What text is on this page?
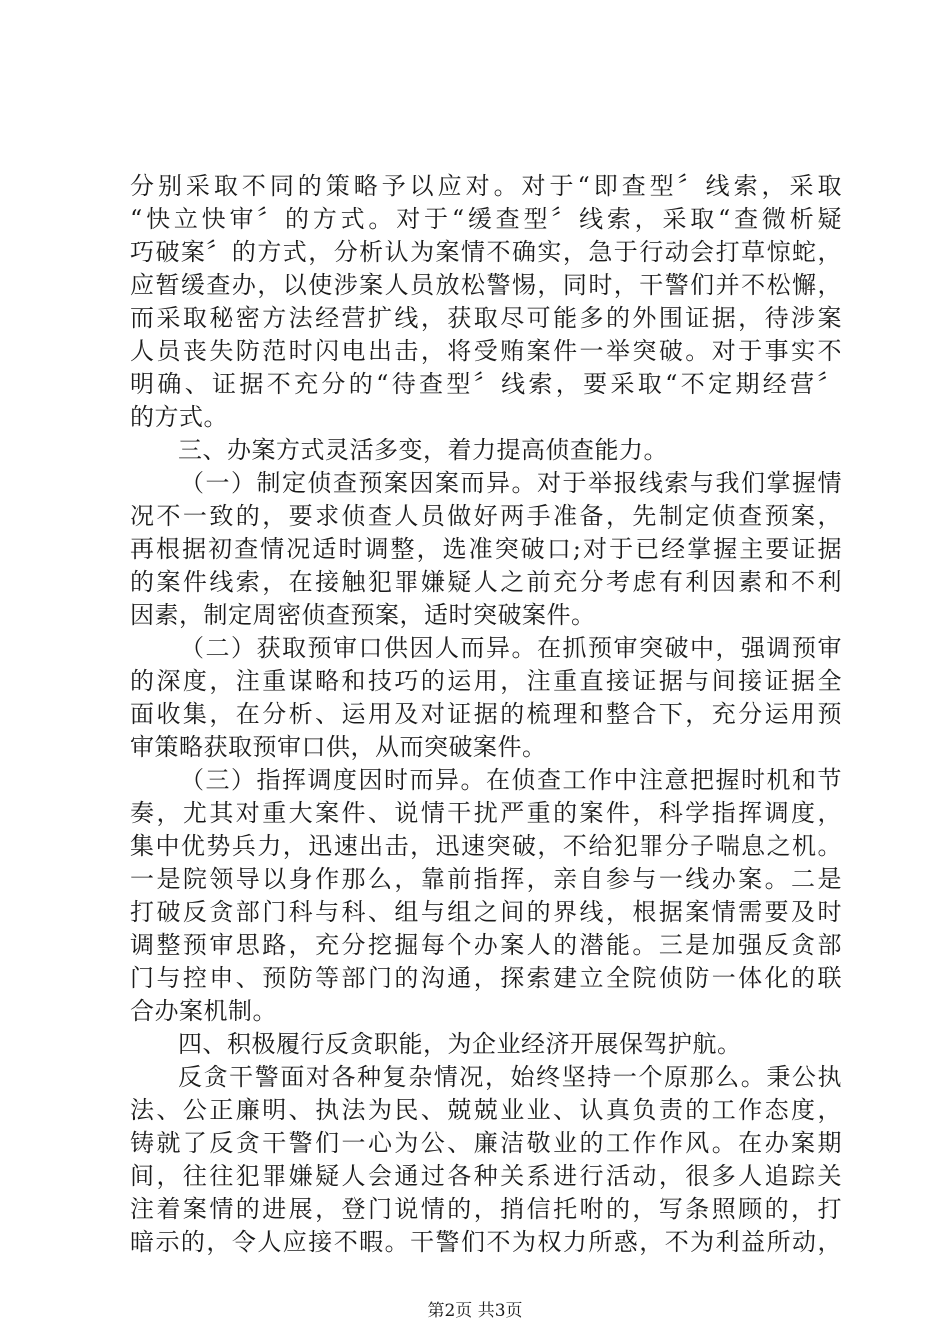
分别采取不同的策略予以应对。对于“即查型〞线索，采取
“快立快审〞的方式。对于“缓查型〞线索，采取“查微析疑
巧破案〞的方式，分析认为案情不确实，急于行动会打草惊蛇，
应暂缓查办，以使涉案人员放松警惕，同时，干警们并不松懈，
而采取秘密方法经营扩线，获取尽可能多的外围证据，待涉案
人员丧失防范时闪电出击，将受贿案件一举突破。对于事实不
明确、证据不充分的“待查型〞线索，要采取“不定期经营〞
的方式。
三、办案方式灵活多变，着力提高侦查能力。
（一）制定侦查预案因案而异。对于举报线索与我们掌握情
况不一致的，要求侦查人员做好两手准备，先制定侦查预案，
再根据初查情况适时调整，选准突破口;对于已经掌握主要证据
的案件线索，在接触犯罪嫌疑人之前充分考虑有利因素和不利
因素，制定周密侦查预案，适时突破案件。
（二）获取预审口供因人而异。在抓预审突破中，强调预审
的深度，注重谋略和技巧的运用，注重直接证据与间接证据全
面收集，在分析、运用及对证据的梳理和整合下，充分运用预
审策略获取预审口供，从而突破案件。
（三）指挥调度因时而异。在侦查工作中注意把握时机和节
奏，尤其对重大案件、说情干扰严重的案件，科学指挥调度，
集中优势兵力，迅速出击，迅速突破，不给犯罪分子喘息之机。
一是院领导以身作那么，靠前指挥，亲自参与一线办案。二是
打破反贪部门科与科、组与组之间的界线，根据案情需要及时
调整预审思路，充分挖掘每个办案人的潜能。三是加强反贪部
门与控申、预防等部门的沟通，探索建立全院侦防一体化的联
合办案机制。
四、积极履行反贪职能，为企业经济开展保驾护航。
反贪干警面对各种复杂情况，始终坚持一个原那么。秉公执
法、公正廉明、执法为民、兢兢业业、认真负责的工作态度，
铸就了反贪干警们一心为公、廉洁敬业的工作作风。在办案期
间，往往犯罪嫌疑人会通过各种关系进行活动，很多人追踪关
注着案情的进展，登门说情的，捎信托咐的，写条照顾的，打
暗示的，令人应接不暇。干警们不为权力所惑，不为利益所动，
第2页 共3页
